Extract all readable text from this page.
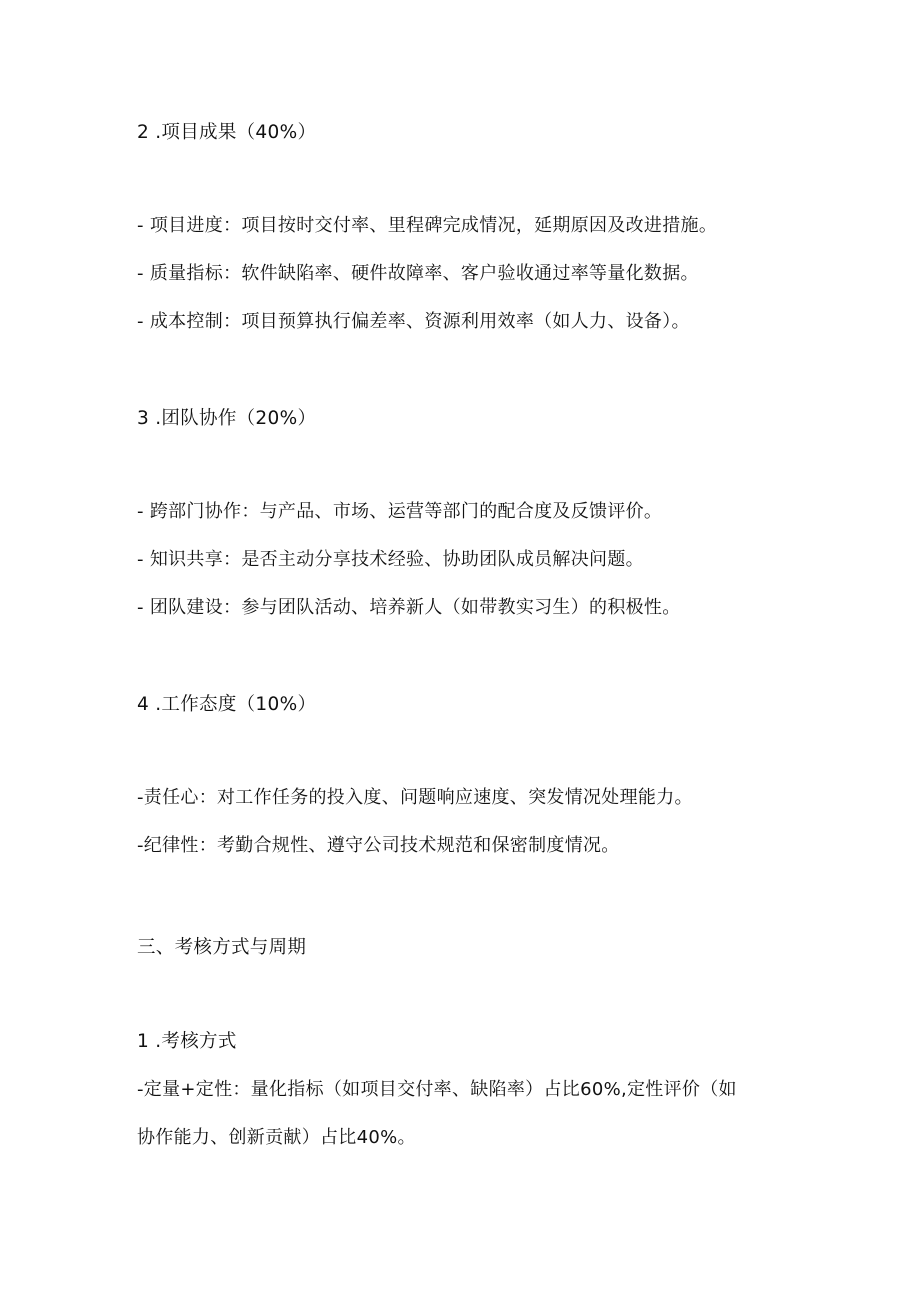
2 .项目成果（40%）
- 项目进度：项目按时交付率、里程碑完成情况，延期原因及改进措施。
- 质量指标：软件缺陷率、硬件故障率、客户验收通过率等量化数据。
- 成本控制：项目预算执行偏差率、资源利用效率（如人力、设备）。
3 .团队协作（20%）
- 跨部门协作：与产品、市场、运营等部门的配合度及反馈评价。
- 知识共享：是否主动分享技术经验、协助团队成员解决问题。
- 团队建设：参与团队活动、培养新人（如带教实习生）的积极性。
4 .工作态度（10%）
-责任心：对工作任务的投入度、问题响应速度、突发情况处理能力。
-纪律性：考勤合规性、遵守公司技术规范和保密制度情况。
三、考核方式与周期
1 .考核方式
-定量+定性：量化指标（如项目交付率、缺陷率）占比60%,定性评价（如
协作能力、创新贡献）占比40%。
